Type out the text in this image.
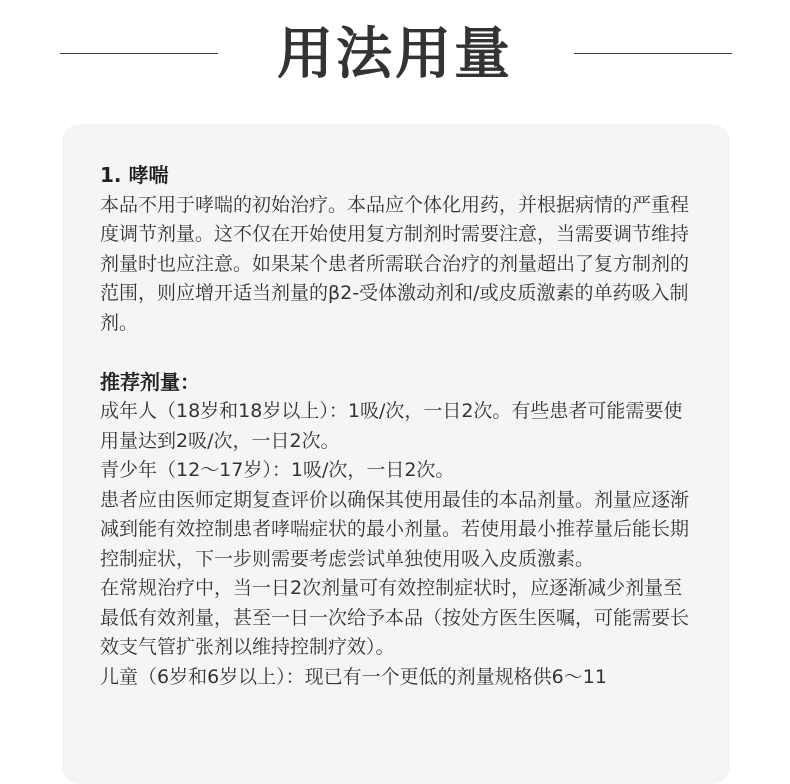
用法用量

1. 哮喘

本品不用于哮喘的初始治疗。本品应个体化用药，并根据病情的严重程度调节剂量。这不仅在开始使用复方制剂时需要注意，当需要调节维持剂量时也应注意。如果某个患者所需联合治疗的剂量超出了复方制剂的范围，则应增开适当剂量的β2-受体激动剂和/或皮质激素的单药吸入制剂。

推荐剂量：

成年人（18岁和18岁以上）：1吸/次，一日2次。有些患者可能需要使用量达到2吸/次，一日2次。

青少年（12～17岁）：1吸/次，一日2次。

患者应由医师定期复查评价以确保其使用最佳的本品剂量。剂量应逐渐减到能有效控制患者哮喘症状的最小剂量。若使用最小推荐量后能长期控制症状，下一步则需要考虑尝试单独使用吸入皮质激素。

在常规治疗中，当一日2次剂量可有效控制症状时，应逐渐减少剂量至最低有效剂量，甚至一日一次给予本品（按处方医生医嘱，可能需要长效支气管扩张剂以维持控制疗效）。

儿童（6岁和6岁以上）：现已有一个更低的剂量规格供6～11
